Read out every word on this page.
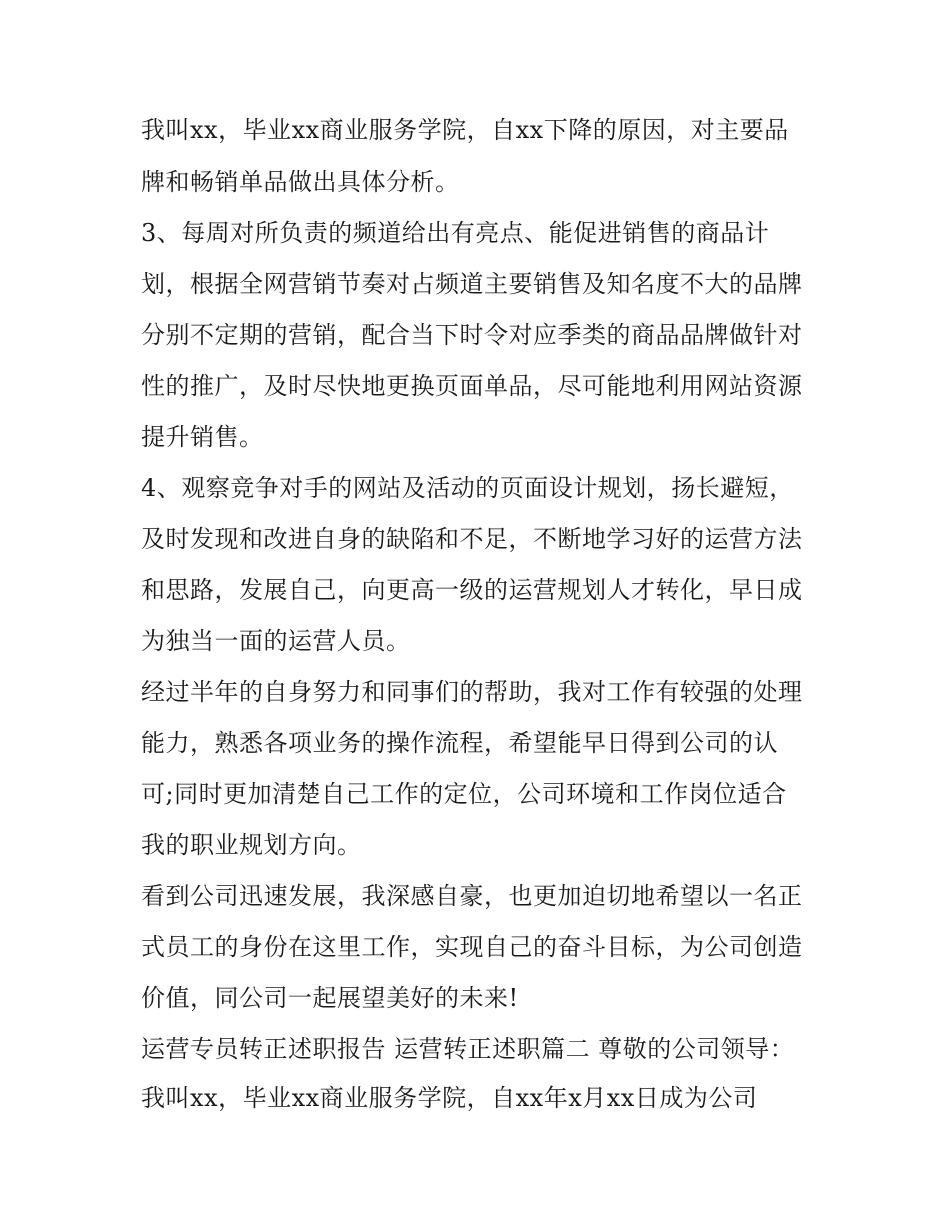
我叫xx，毕业xx商业服务学院，自xx下降的原因，对主要品
牌和畅销单品做出具体分析。
3、每周对所负责的频道给出有亮点、能促进销售的商品计
划，根据全网营销节奏对占频道主要销售及知名度不大的品牌
分别不定期的营销，配合当下时令对应季类的商品品牌做针对
性的推广，及时尽快地更换页面单品，尽可能地利用网站资源
提升销售。
4、观察竞争对手的网站及活动的页面设计规划，扬长避短，
及时发现和改进自身的缺陷和不足，不断地学习好的运营方法
和思路，发展自己，向更高一级的运营规划人才转化，早日成
为独当一面的运营人员。
经过半年的自身努力和同事们的帮助，我对工作有较强的处理
能力，熟悉各项业务的操作流程，希望能早日得到公司的认
可;同时更加清楚自己工作的定位，公司环境和工作岗位适合
我的职业规划方向。
看到公司迅速发展，我深感自豪，也更加迫切地希望以一名正
式员工的身份在这里工作，实现自己的奋斗目标，为公司创造
价值，同公司一起展望美好的未来!
运营专员转正述职报告 运营转正述职篇二 尊敬的公司领导：
我叫xx，毕业xx商业服务学院，自xx年x月xx日成为公司
